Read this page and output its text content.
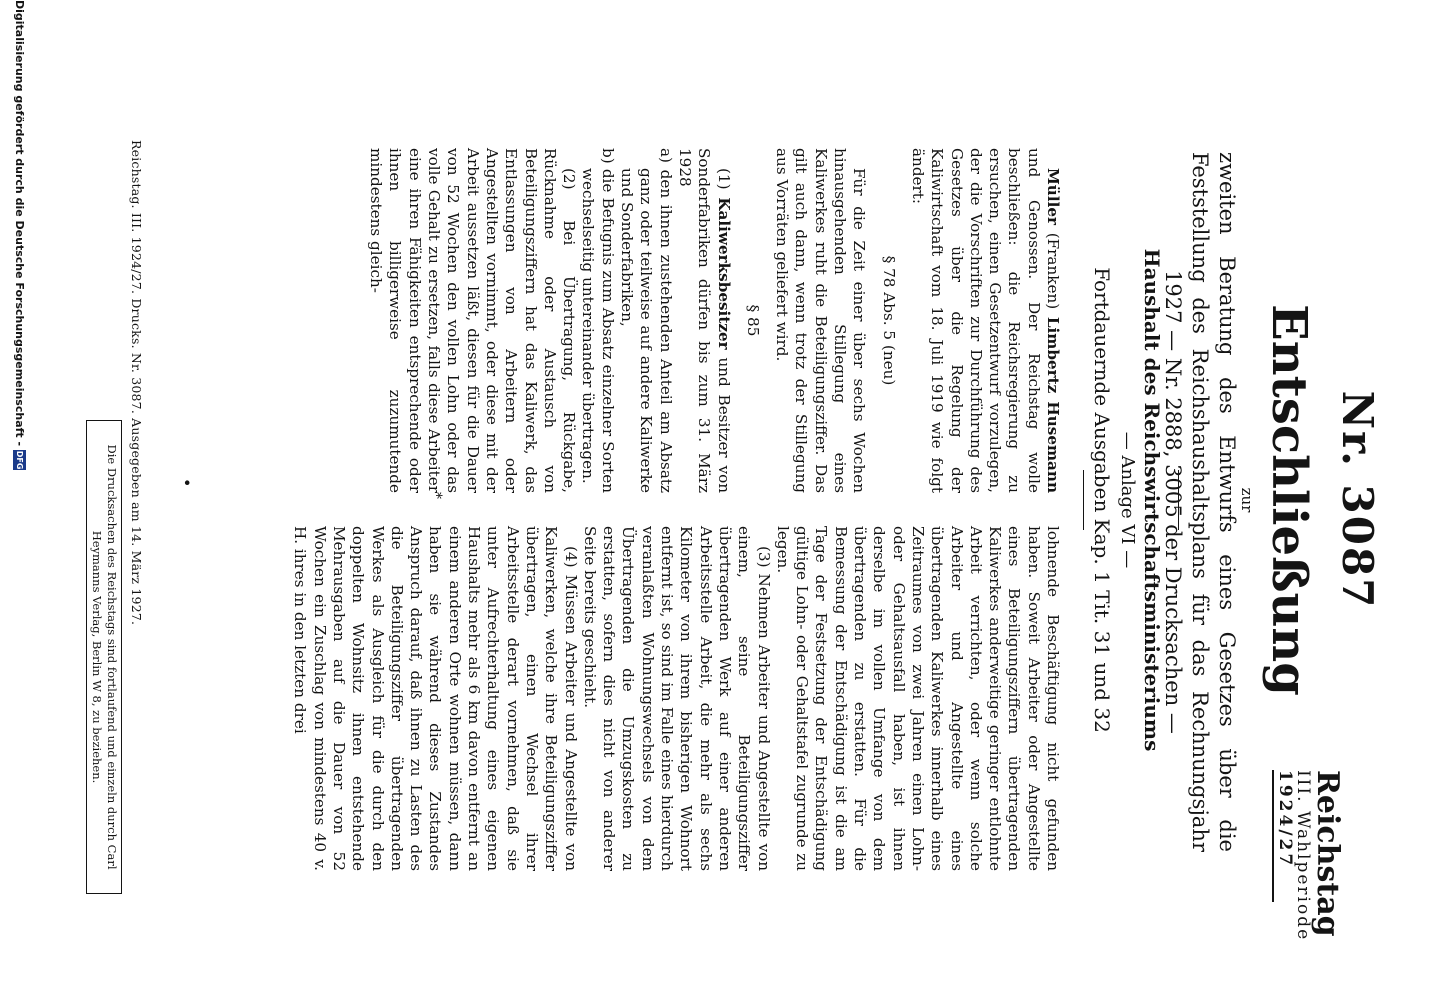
Reichstag

III. Wahlperiode
1924/27

Nr. 3087

Entschließung

zur
zweiten Beratung des Entwurfs eines Gesetzes über die Feststellung des Reichshaushaltsplans für das Rechnungsjahr 1927 — Nr. 2888, 3005 der Drucksachen —
Haushalt des Reichswirtschaftsministeriums
— Anlage VI —
Fortdauernde Ausgaben Kap. 1 Tit. 31 und 32

Müller (Franken) Limbertz Husemann und Genossen. Der Reichstag wolle beschließen: die Reichsregierung zu ersuchen, einen Gesetzentwurf vorzulegen, der die Vorschriften zur Durchführung des Gesetzes über die Regelung der Kaliwirtschaft vom 18. Juli 1919 wie folgt ändert:

§ 78 Abs. 5 (neu)

Für die Zeit einer über sechs Wochen hinausgehenden Stillegung eines Kaliwerkes ruht die Beteiligungsziffer. Das gilt auch dann, wenn trotz der Stillegung aus Vorräten geliefert wird.

§ 85

(1) Kaliwerksbesitzer und Besitzer von Sonderfabriken dürfen bis zum 31. März 1928

a) den ihnen zustehenden Anteil am Absatz ganz oder teilweise auf andere Kaliwerke und Sonderfabriken,

b) die Befugnis zum Absatz einzelner Sorten wechselseitig untereinander übertragen.

(2) Bei Übertragung, Rückgabe, Rücknahme oder Austausch von Beteiligungsziffern hat das Kaliwerk, das Entlassungen von Arbeitern oder Angestellten vornimmt, oder diese mit der Arbeit aussetzen läßt, diesen für die Dauer von 52 Wochen den vollen Lohn oder das volle Gehalt zu ersetzen, falls diese Arbeiter eine ihren Fähigkeiten entsprechende oder ihnen billigerweise zuzumutende mindestens gleich-

*
•

lohnende Beschäftigung nicht gefunden haben. Soweit Arbeiter oder Angestellte eines Beteiligungsziffern übertragenden Kaliwerkes anderweitige geringer entlohnte Arbeit verrichten, oder wenn solche Arbeiter und Angestellte eines übertragenden Kaliwerkes innerhalb eines Zeitraumes von zwei Jahren einen Lohn- oder Gehaltsausfall haben, ist ihnen derselbe im vollen Umfange von dem übertragenden zu erstatten. Für die Bemessung der Entschädigung ist die am Tage der Festsetzung der Entschädigung gültige Lohn- oder Gehaltstafel zugrunde zu legen.

(3) Nehmen Arbeiter und Angestellte von einem, seine Beteiligungsziffer übertragenden Werk auf einer anderen Arbeitsstelle Arbeit, die mehr als sechs Kilometer von ihrem bisherigen Wohnort entfernt ist, so sind im Falle eines hierdurch veranlaßten Wohnungswechsels von dem Übertragenden die Umzugskosten zu erstatten, sofern dies nicht von anderer Seite bereits geschieht.

(4) Müssen Arbeiter und Angestellte von Kaliwerken, welche ihre Beteiligungsziffer übertragen, einen Wechsel ihrer Arbeitsstelle derart vornehmen, daß sie unter Aufrechterhaltung eines eigenen Haushalts mehr als 6 km davon entfernt an einem anderen Orte wohnen müssen, dann haben sie während dieses Zustandes Anspruch darauf, daß ihnen zu Lasten des die Beteiligungsziffer übertragenden Werkes als Ausgleich für die durch den doppelten Wohnsitz ihnen entstehende Mehrausgaben auf die Dauer von 52 Wochen ein Zuschlag von mindestens 40 v. H. ihres in den letzten drei

Reichstag. III. 1924/27. Drucks. Nr. 3087. Ausgegeben am 14. März 1927.
Die Drucksachen des Reichstags sind fortlaufend und einzeln durch Carl Heymanns Verlag, Berlin W 8, zu beziehen.
Digitalisierung gefördert durch die Deutsche Forschungsgemeinschaft -
DFG
